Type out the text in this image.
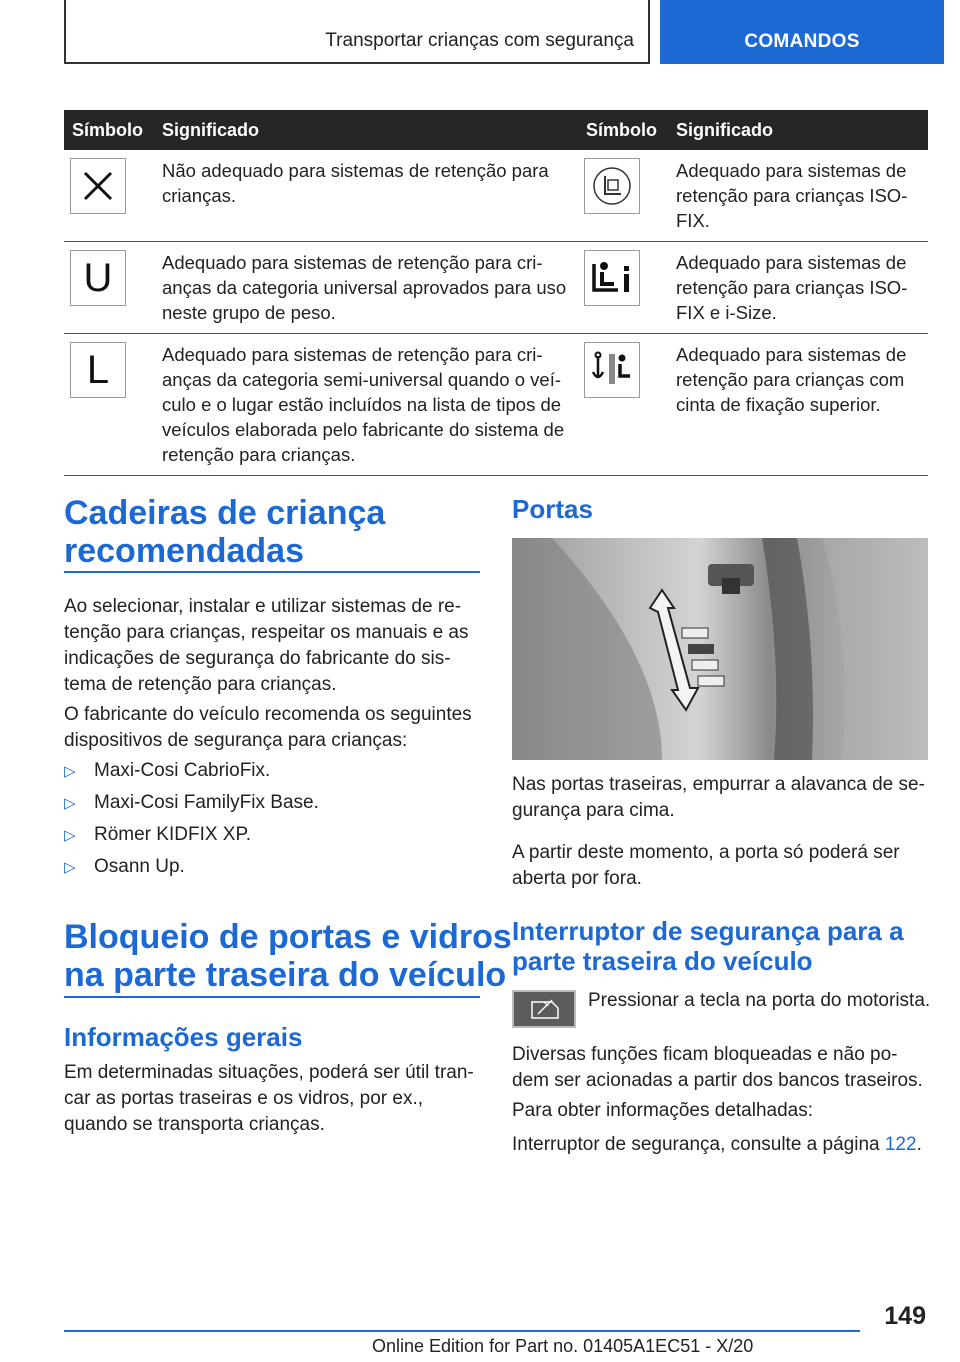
Transportar crianças com segurança	COMANDOS
Símbolo	Significado	Símbolo	Significado

	Não adequado para sistemas de retenção para crianças.		Adequado para sistemas de retenção para crianças ISO-FIX.

U	Adequado para sistemas de retenção para cri-anças da categoria universal aprovados para uso neste grupo de peso.		Adequado para sistemas de retenção para crianças ISO-FIX e i-Size.

L	Adequado para sistemas de retenção para cri-anças da categoria semi-universal quando o veí-culo e o lugar estão incluídos na lista de tipos de veículos elaborada pelo fabricante do sistema de retenção para crianças.		Adequado para sistemas de retenção para crianças com cinta de fixação superior.
Cadeiras de criança
recomendadas
Ao selecionar, instalar e utilizar sistemas de re-
tenção para crianças, respeitar os manuais e as
indicações de segurança do fabricante do sis-
tema de retenção para crianças.
O fabricante do veículo recomenda os seguintes
dispositivos de segurança para crianças:
▷ Maxi-Cosi CabrioFix.
▷ Maxi-Cosi FamilyFix Base.
▷ Römer KIDFIX XP.
▷ Osann Up.
Bloqueio de portas e vidros
na parte traseira do veículo
Informações gerais
Em determinadas situações, poderá ser útil tran-
car as portas traseiras e os vidros, por ex.,
quando se transporta crianças.
Portas
Nas portas traseiras, empurrar a alavanca de se-
gurança para cima.
A partir deste momento, a porta só poderá ser
aberta por fora.
Interruptor de segurança para a
parte traseira do veículo
Pressionar a tecla na porta do motorista.
Diversas funções ficam bloqueadas e não po-
dem ser acionadas a partir dos bancos traseiros.
Para obter informações detalhadas:
Interruptor de segurança, consulte a página 122.
149
Online Edition for Part no. 01405A1EC51 - X/20
